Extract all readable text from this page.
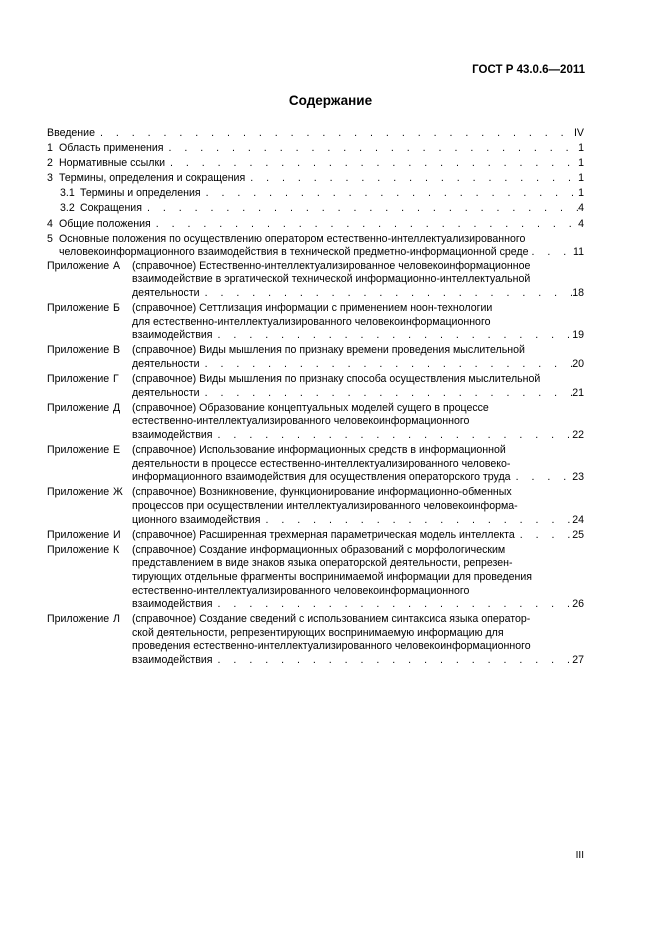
ГОСТ Р 43.0.6—2011
Содержание
Введение . . .	IV
1 Область применения . . .	1
2 Нормативные ссылки . . .	1
3 Термины, определения и сокращения . . .	1
3.1 Термины и определения . . .	1
3.2 Сокращения . . .	4
4 Общие положения . . .	4
5 Основные положения по осуществлению оператором естественно-интеллектуализированного
человекоинформационного взаимодействия в технической предметно-информационной среде . . .	11
Приложение А	(справочное) Естественно-интеллектуализированное человекоинформационное
взаимодействие в эргатической технической информационно-интеллектуальной
деятельности . . .	18
Приложение Б	(справочное) Сеттлизация информации с применением ноон-технологии
для естественно-интеллектуализированного человекоинформационного
взаимодействия . . .	19
Приложение В	(справочное) Виды мышления по признаку времени проведения мыслительной
деятельности . . .	20
Приложение Г	(справочное) Виды мышления по признаку способа осуществления мыслительной
деятельности . . .	21
Приложение Д	(справочное) Образование концептуальных моделей сущего в процессе
естественно-интеллектуализированного человекоинформационного
взаимодействия . . .	22
Приложение Е	(справочное) Использование информационных средств в информационной
деятельности в процессе естественно-интеллектуализированного человеко-
информационного взаимодействия для осуществления операторского труда . . .	23
Приложение Ж (справочное) Возникновение, функционирование информационно-обменных
процессов при осуществлении интеллектуализированного человекоинформа-
ционного взаимодействия . . .	24
Приложение И	(справочное) Расширенная трехмерная параметрическая модель интеллекта . . .	25
Приложение К	(справочное) Создание информационных образований с морфологическим
представлением в виде знаков языка операторской деятельности, репрезен-
тирующих отдельные фрагменты воспринимаемой информации для проведения
естественно-интеллектуализированного человекоинформационного
взаимодействия . . .	26
Приложение Л	(справочное) Создание сведений с использованием синтаксиса языка оператор-
ской деятельности, репрезентирующих воспринимаемую информацию для
проведения естественно-интеллектуализированного человекоинформационного
взаимодействия . . .	27
III
